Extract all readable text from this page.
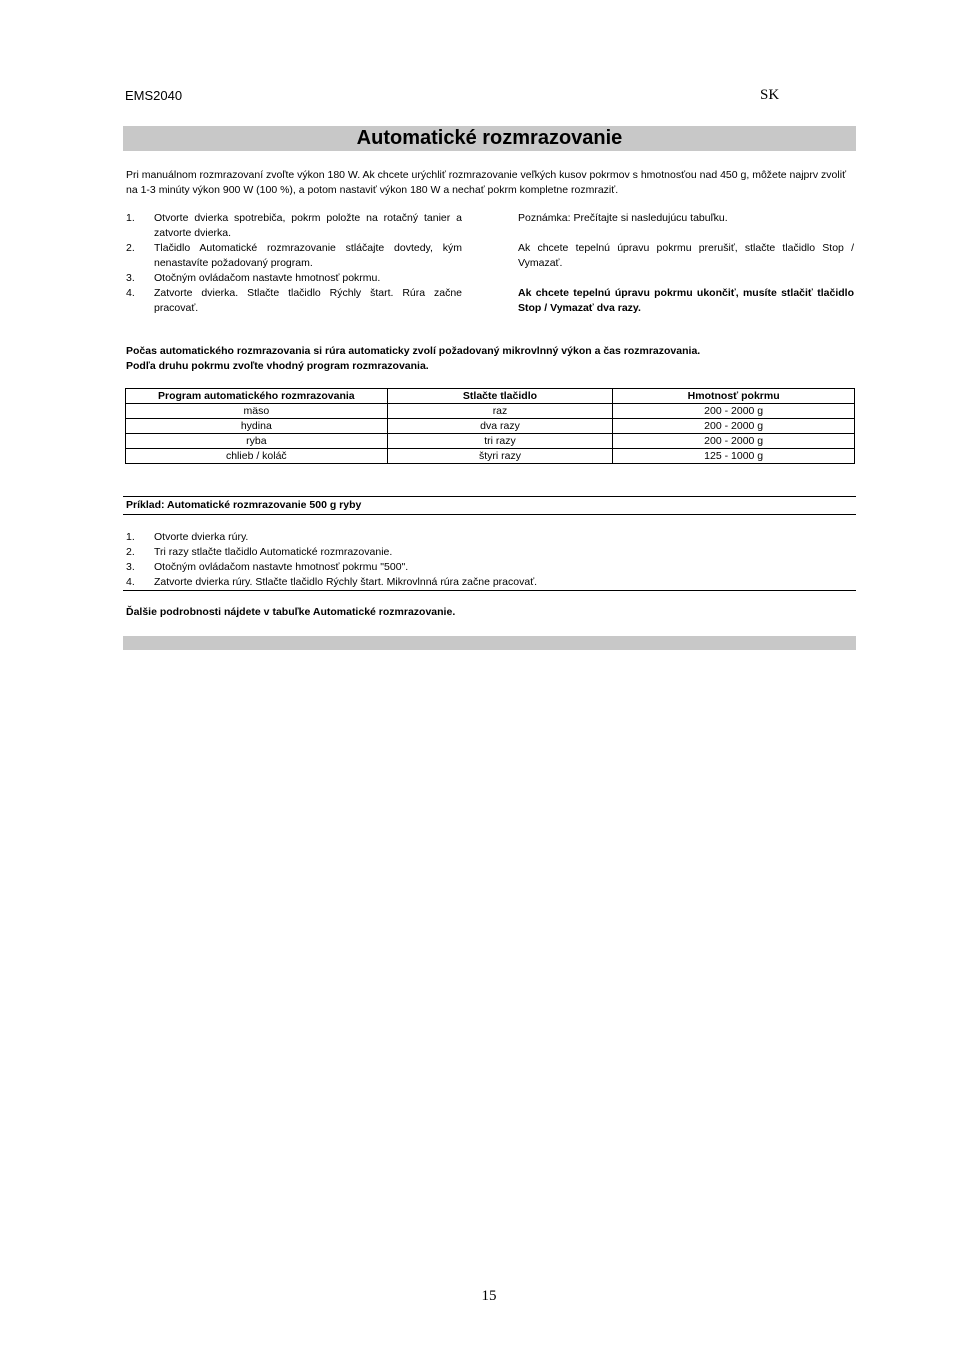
EMS2040	SK
Automatické rozmrazovanie
Pri manuálnom rozmrazovaní zvoľte výkon 180 W. Ak chcete urýchliť rozmrazovanie veľkých kusov pokrmov s hmotnosťou nad 450 g, môžete najprv zvoliť na 1-3 minúty výkon 900 W (100 %), a potom nastaviť výkon 180 W a nechať pokrm kompletne rozmraziť.
1.	Otvorte dvierka spotrebiča, pokrm položte na rotačný tanier a zatvorte dvierka.
2.	Tlačidlo Automatické rozmrazovanie stláčajte dovtedy, kým nenastavíte požadovaný program.
3.	Otočným ovládačom nastavte hmotnosť pokrmu.
4.	Zatvorte dvierka. Stlačte tlačidlo Rýchly štart. Rúra začne pracovať.

Poznámka: Prečítajte si nasledujúcu tabuľku.

Ak chcete tepelnú úpravu pokrmu prerušiť, stlačte tlačidlo Stop / Vymazať.

Ak chcete tepelnú úpravu pokrmu ukončiť, musíte stlačiť tlačidlo Stop / Vymazať dva razy.

Počas automatického rozmrazovania si rúra automaticky zvolí požadovaný mikrovlnný výkon a čas rozmrazovania.
Podľa druhu pokrmu zvoľte vhodný program rozmrazovania.
Program automatického rozmrazovania	Stlačte tlačidlo	Hmotnosť pokrmu
mäso	raz	200 - 2000 g
hydina	dva razy	200 - 2000 g
ryba	tri razy	200 - 2000 g
chlieb / koláč	štyri razy	125 - 1000 g
Príklad: Automatické rozmrazovanie 500 g ryby
1.	Otvorte dvierka rúry.
2.	Tri razy stlačte tlačidlo Automatické rozmrazovanie.
3.	Otočným ovládačom nastavte hmotnosť pokrmu "500".
4.	Zatvorte dvierka rúry. Stlačte tlačidlo Rýchly štart. Mikrovlnná rúra začne pracovať.
Ďalšie podrobnosti nájdete v tabuľke Automatické rozmrazovanie.
15
